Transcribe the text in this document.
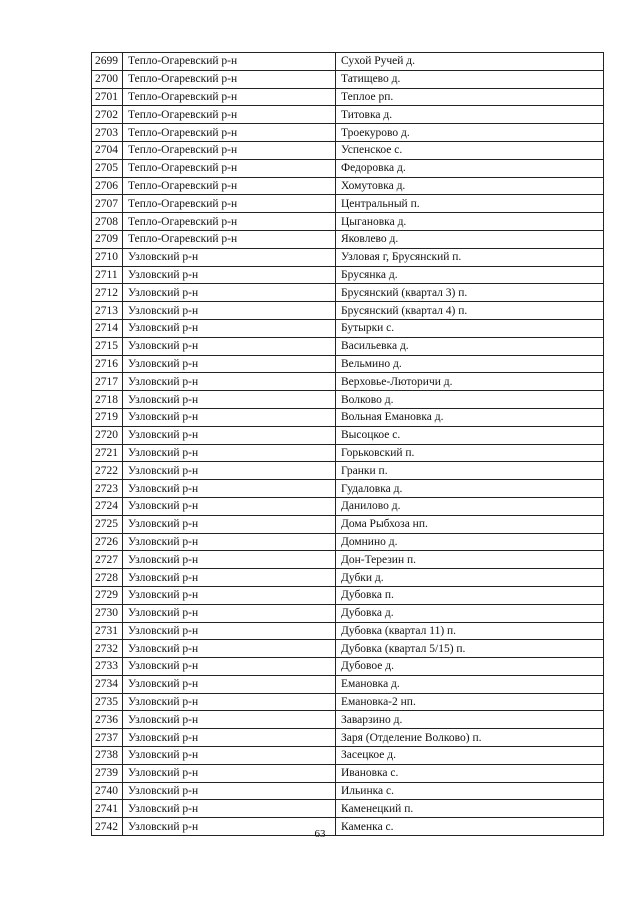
2699	Тепло-Огаревский р-н	Сухой Ручей д.
2700	Тепло-Огаревский р-н	Татищево д.
2701	Тепло-Огаревский р-н	Теплое рп.
2702	Тепло-Огаревский р-н	Титовка д.
2703	Тепло-Огаревский р-н	Троекурово д.
2704	Тепло-Огаревский р-н	Успенское с.
2705	Тепло-Огаревский р-н	Федоровка д.
2706	Тепло-Огаревский р-н	Хомутовка д.
2707	Тепло-Огаревский р-н	Центральный п.
2708	Тепло-Огаревский р-н	Цыгановка д.
2709	Тепло-Огаревский р-н	Яковлево д.
2710	Узловский р-н	Узловая г, Брусянский п.
2711	Узловский р-н	Брусянка д.
2712	Узловский р-н	Брусянский (квартал 3) п.
2713	Узловский р-н	Брусянский (квартал 4) п.
2714	Узловский р-н	Бутырки с.
2715	Узловский р-н	Васильевка д.
2716	Узловский р-н	Вельмино д.
2717	Узловский р-н	Верховье-Люторичи д.
2718	Узловский р-н	Волково д.
2719	Узловский р-н	Вольная Емановка д.
2720	Узловский р-н	Высоцкое с.
2721	Узловский р-н	Горьковский п.
2722	Узловский р-н	Гранки п.
2723	Узловский р-н	Гудаловка д.
2724	Узловский р-н	Данилово д.
2725	Узловский р-н	Дома Рыбхоза нп.
2726	Узловский р-н	Домнино д.
2727	Узловский р-н	Дон-Терезин п.
2728	Узловский р-н	Дубки д.
2729	Узловский р-н	Дубовка п.
2730	Узловский р-н	Дубовка д.
2731	Узловский р-н	Дубовка (квартал 11) п.
2732	Узловский р-н	Дубовка (квартал 5/15) п.
2733	Узловский р-н	Дубовое д.
2734	Узловский р-н	Емановка д.
2735	Узловский р-н	Емановка-2 нп.
2736	Узловский р-н	Заварзино д.
2737	Узловский р-н	Заря (Отделение Волково) п.
2738	Узловский р-н	Засецкое д.
2739	Узловский р-н	Ивановка с.
2740	Узловский р-н	Ильинка с.
2741	Узловский р-н	Каменецкий п.
2742	Узловский р-н	Каменка с.
63
